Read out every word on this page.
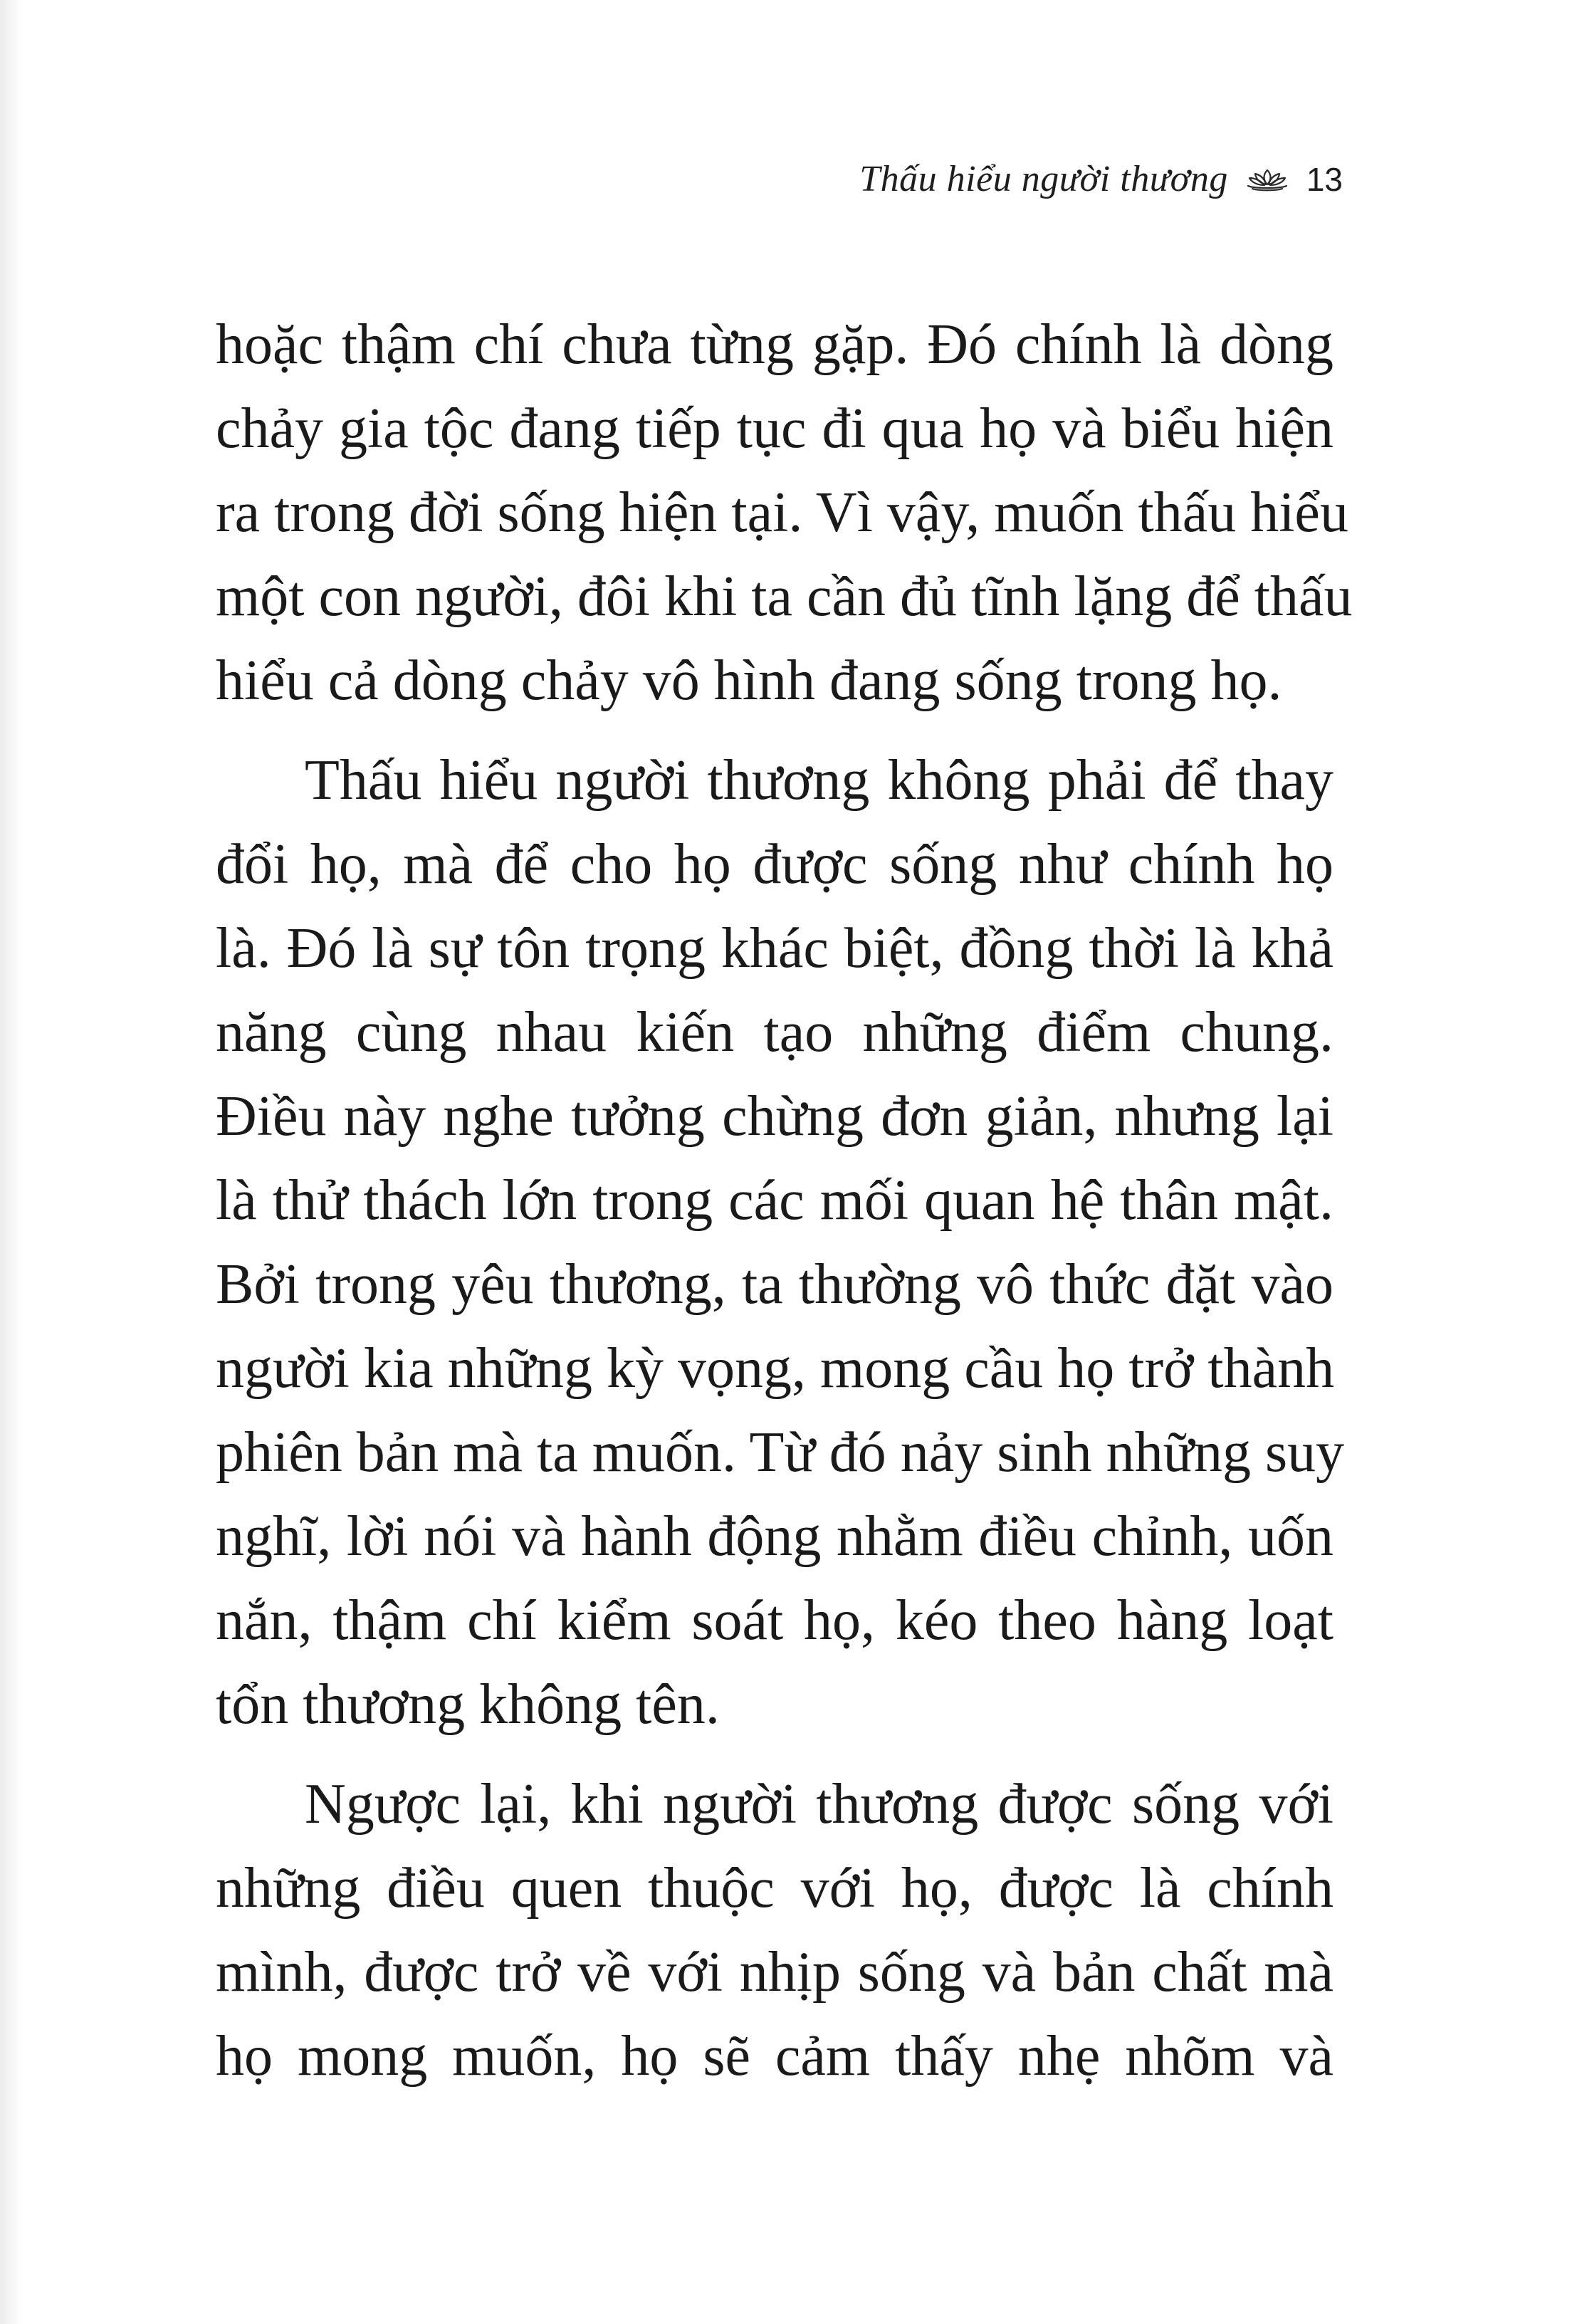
Thấu hiểu người thương 13
hoặc thậm chí chưa từng gặp. Đó chính là dòng
chảy gia tộc đang tiếp tục đi qua họ và biểu hiện
ra trong đời sống hiện tại. Vì vậy, muốn thấu hiểu
một con người, đôi khi ta cần đủ tĩnh lặng để thấu
hiểu cả dòng chảy vô hình đang sống trong họ.
Thấu hiểu người thương không phải để thay
đổi họ, mà để cho họ được sống như chính họ
là. Đó là sự tôn trọng khác biệt, đồng thời là khả
năng cùng nhau kiến tạo những điểm chung.
Điều này nghe tưởng chừng đơn giản, nhưng lại
là thử thách lớn trong các mối quan hệ thân mật.
Bởi trong yêu thương, ta thường vô thức đặt vào
người kia những kỳ vọng, mong cầu họ trở thành
phiên bản mà ta muốn. Từ đó nảy sinh những suy
nghĩ, lời nói và hành động nhằm điều chỉnh, uốn
nắn, thậm chí kiểm soát họ, kéo theo hàng loạt
tổn thương không tên.
Ngược lại, khi người thương được sống với
những điều quen thuộc với họ, được là chính
mình, được trở về với nhịp sống và bản chất mà
họ mong muốn, họ sẽ cảm thấy nhẹ nhõm và
